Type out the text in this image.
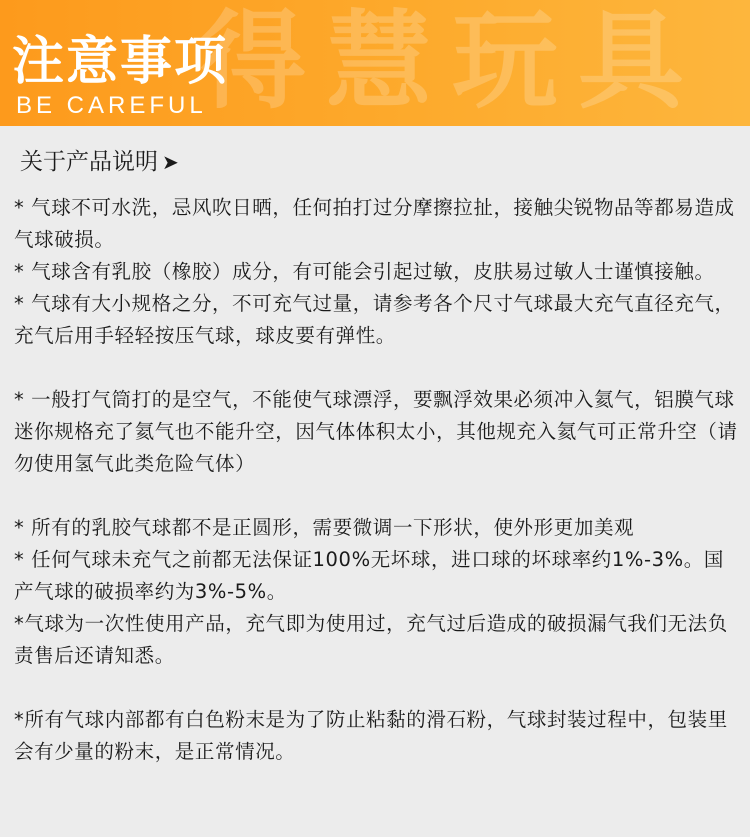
得慧玩具
注意事项
BE CAREFUL
关于产品说明 ➤

* 气球不可水洗，忌风吹日晒，任何拍打过分摩擦拉扯，接触尖锐物品等都易造成气球破损。

* 气球含有乳胶（橡胶）成分，有可能会引起过敏，皮肤易过敏人士谨慎接触。

* 气球有大小规格之分，不可充气过量，请参考各个尺寸气球最大充气直径充气，充气后用手轻轻按压气球，球皮要有弹性。

* 一般打气筒打的是空气，不能使气球漂浮，要飘浮效果必须冲入氦气，铝膜气球迷你规格充了氦气也不能升空，因气体体积太小，其他规充入氦气可正常升空（请勿使用氢气此类危险气体）

* 所有的乳胶气球都不是正圆形，需要微调一下形状，使外形更加美观

* 任何气球未充气之前都无法保证100%无坏球，进口球的坏球率约1%-3%。国产气球的破损率约为3%-5%。

*气球为一次性使用产品，充气即为使用过，充气过后造成的破损漏气我们无法负责售后还请知悉。

*所有气球内部都有白色粉末是为了防止粘黏的滑石粉，气球封装过程中，包装里会有少量的粉末，是正常情况。
